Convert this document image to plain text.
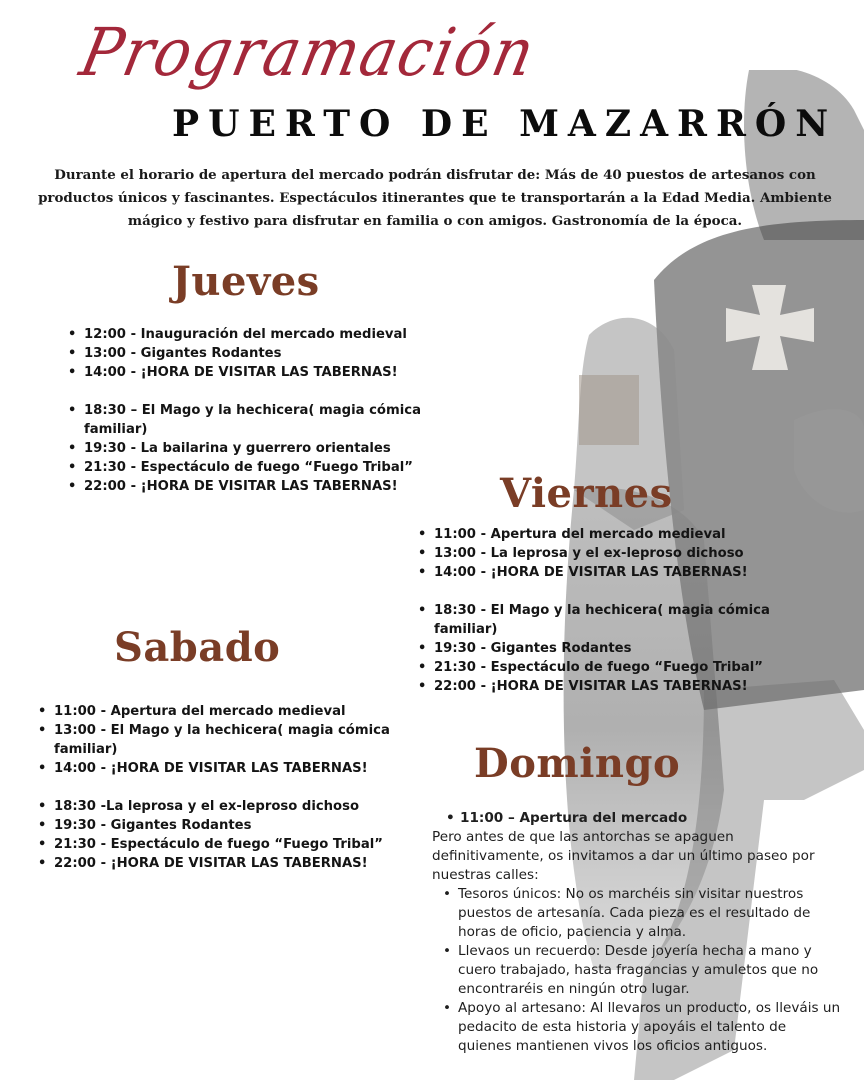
Programación
PUERTO DE MAZARRÓN

Durante el horario de apertura del mercado podrán disfrutar de: Más de 40 puestos de artesanos con productos únicos y fascinantes. Espectáculos itinerantes que te transportarán a la Edad Media. Ambiente mágico y festivo para disfrutar en familia o con amigos. Gastronomía de la época.

Jueves
• 12:00 - Inauguración del mercado medieval
• 13:00 - Gigantes Rodantes
• 14:00 - ¡HORA DE VISITAR LAS TABERNAS!
• 18:30 – El Mago y la hechicera( magia cómica familiar)
• 19:30 - La bailarina y guerrero orientales
• 21:30 - Espectáculo de fuego “Fuego Tribal”
• 22:00 - ¡HORA DE VISITAR LAS TABERNAS!	Viernes
• 11:00 - Apertura del mercado medieval
• 13:00 - La leprosa y el ex-leproso dichoso
• 14:00 - ¡HORA DE VISITAR LAS TABERNAS!
• 18:30 - El Mago y la hechicera( magia cómica familiar)
• 19:30 - Gigantes Rodantes
• 21:30 - Espectáculo de fuego “Fuego Tribal”
• 22:00 - ¡HORA DE VISITAR LAS TABERNAS!
Sabado
• 11:00 - Apertura del mercado medieval
• 13:00 - El Mago y la hechicera( magia cómica familiar)
• 14:00 - ¡HORA DE VISITAR LAS TABERNAS!
• 18:30 -La leprosa y el ex-leproso dichoso
• 19:30 - Gigantes Rodantes
• 21:30 - Espectáculo de fuego “Fuego Tribal”
• 22:00 - ¡HORA DE VISITAR LAS TABERNAS!
Domingo
• 11:00 – Apertura del mercado

Pero antes de que las antorchas se apaguen definitivamente, os invitamos a dar un último paseo por nuestras calles:

• Tesoros únicos: No os marchéis sin visitar nuestros puestos de artesanía. Cada pieza es el resultado de horas de oficio, paciencia y alma.
• Llevaos un recuerdo: Desde joyería hecha a mano y cuero trabajado, hasta fragancias y amuletos que no encontraréis en ningún otro lugar.
• Apoyo al artesano: Al llevaros un producto, os lleváis un pedacito de esta historia y apoyáis el talento de quienes mantienen vivos los oficios antiguos.
